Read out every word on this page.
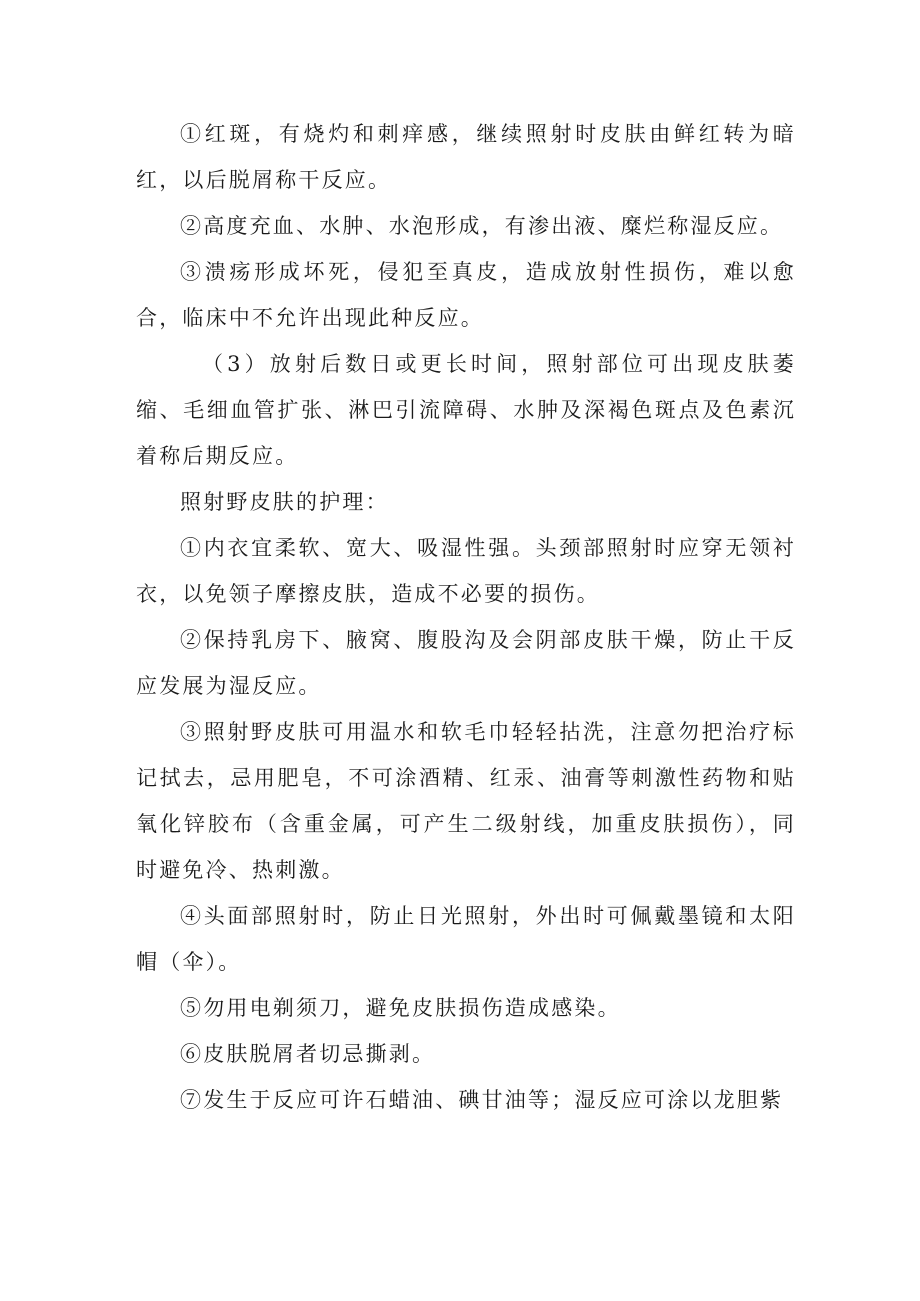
①红斑，有烧灼和刺痒感，继续照射时皮肤由鲜红转为暗红，以后脱屑称干反应。

②高度充血、水肿、水泡形成，有渗出液、糜烂称湿反应。

③溃疡形成坏死，侵犯至真皮，造成放射性损伤，难以愈合，临床中不允许出现此种反应。

（3）放射后数日或更长时间，照射部位可出现皮肤萎缩、毛细血管扩张、淋巴引流障碍、水肿及深褐色斑点及色素沉着称后期反应。

照射野皮肤的护理：

①内衣宜柔软、宽大、吸湿性强。头颈部照射时应穿无领衬衣，以免领子摩擦皮肤，造成不必要的损伤。

②保持乳房下、腋窝、腹股沟及会阴部皮肤干燥，防止干反应发展为湿反应。

③照射野皮肤可用温水和软毛巾轻轻拈洗，注意勿把治疗标记拭去，忌用肥皂，不可涂酒精、红汞、油膏等刺激性药物和贴氧化锌胶布（含重金属，可产生二级射线，加重皮肤损伤），同时避免冷、热刺激。

④头面部照射时，防止日光照射，外出时可佩戴墨镜和太阳帽（伞）。

⑤勿用电剃须刀，避免皮肤损伤造成感染。

⑥皮肤脱屑者切忌撕剥。

⑦发生于反应可许石蜡油、碘甘油等；湿反应可涂以龙胆紫
